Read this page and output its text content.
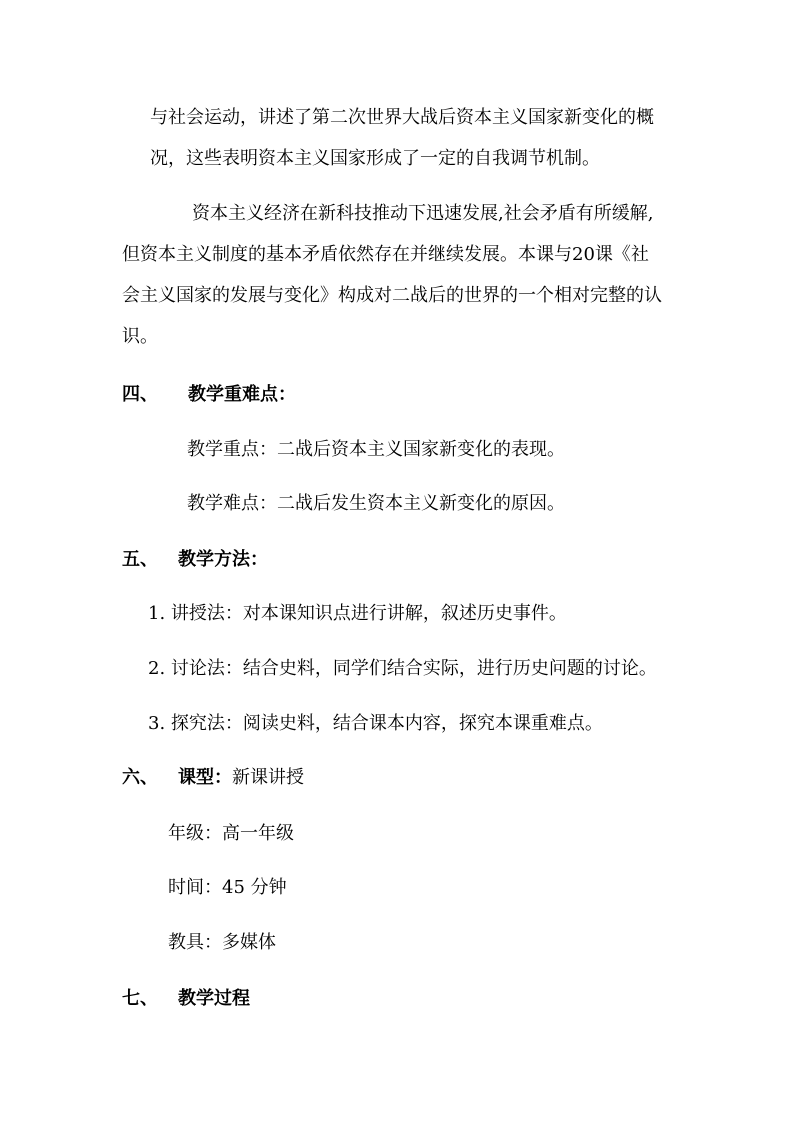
与社会运动，讲述了第二次世界大战后资本主义国家新变化的概
况，这些表明资本主义国家形成了一定的自我调节机制。
资本主义经济在新科技推动下迅速发展,社会矛盾有所缓解,
但资本主义制度的基本矛盾依然存在并继续发展。本课与20课《社
会主义国家的发展与变化》构成对二战后的世界的一个相对完整的认
识。
四、 教学重难点：
教学重点：二战后资本主义国家新变化的表现。
教学难点：二战后发生资本主义新变化的原因。
五、 教学方法：
1. 讲授法：对本课知识点进行讲解，叙述历史事件。
2. 讨论法：结合史料，同学们结合实际，进行历史问题的讨论。
3. 探究法：阅读史料，结合课本内容，探究本课重难点。
六、 课型：新课讲授
年级：高一年级
时间：45 分钟
教具：多媒体
七、 教学过程
